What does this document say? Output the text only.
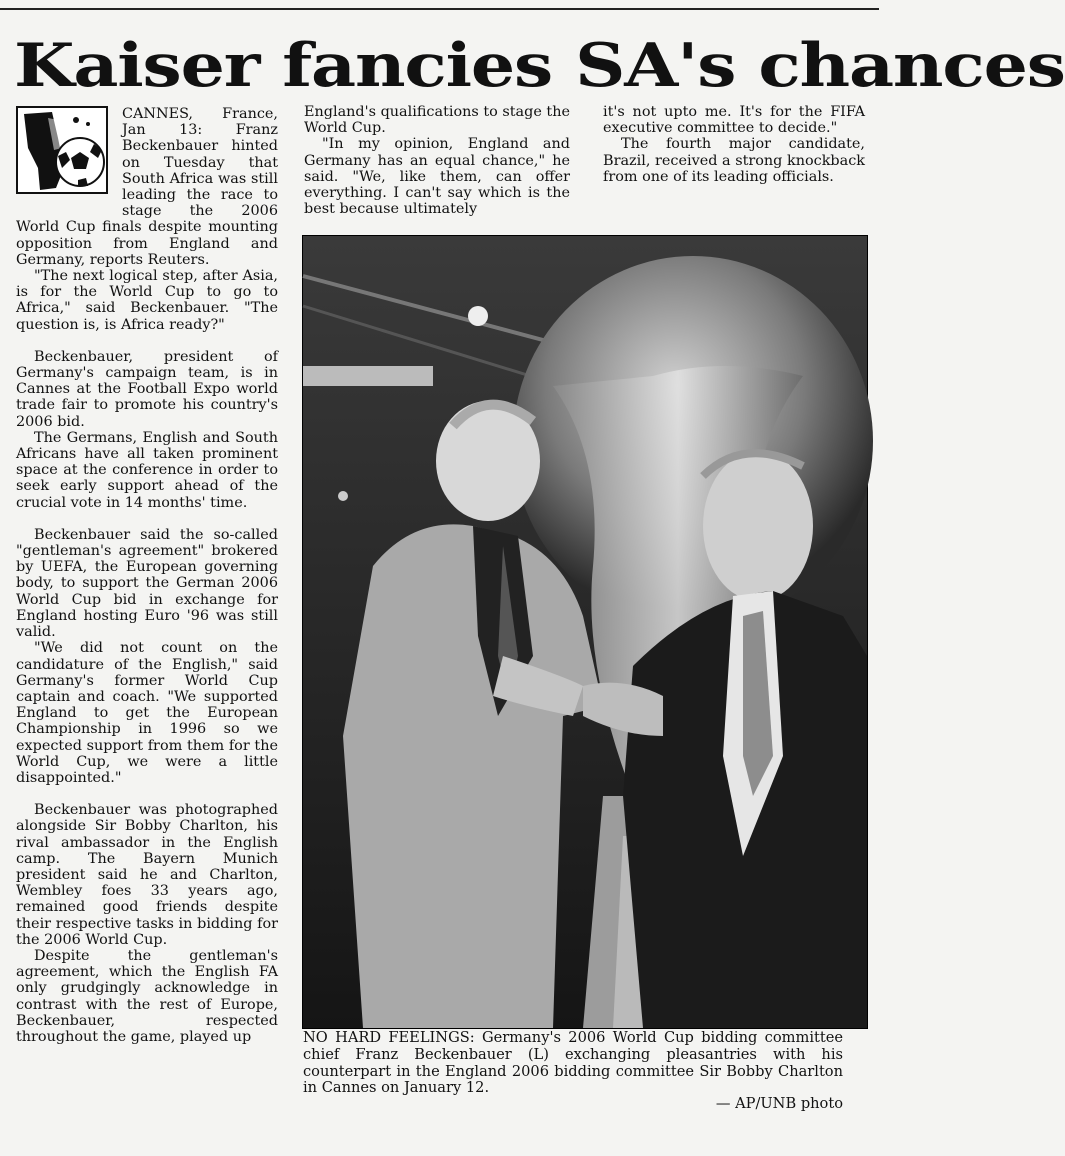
Kaiser fancies SA's chances

CANNES, France, Jan 13: Franz Beckenbauer hinted on Tuesday that South Africa was still leading the race to stage the 2006 World Cup finals despite mounting opposition from England and Germany, reports Reuters.

"The next logical step, after Asia, is for the World Cup to go to Africa," said Beckenbauer. "The question is, is Africa ready?"

Beckenbauer, president of Germany's campaign team, is in Cannes at the Football Expo world trade fair to promote his country's 2006 bid.

The Germans, English and South Africans have all taken prominent space at the conference in order to seek early support ahead of the crucial vote in 14 months' time.

Beckenbauer said the so-called "gentleman's agreement" brokered by UEFA, the European governing body, to support the German 2006 World Cup bid in exchange for England hosting Euro '96 was still valid.

"We did not count on the candidature of the English," said Germany's former World Cup captain and coach. "We supported England to get the European Championship in 1996 so we expected support from them for the World Cup, we were a little disappointed."

Beckenbauer was photographed alongside Sir Bobby Charlton, his rival ambassador in the English camp. The Bayern Munich president said he and Charlton, Wembley foes 33 years ago, remained good friends despite their respective tasks in bidding for the 2006 World Cup.

Despite the gentleman's agreement, which the English FA only grudgingly acknowledge in contrast with the rest of Europe, Beckenbauer, respected throughout the game, played up

England's qualifications to stage the World Cup.

"In my opinion, England and Germany has an equal chance," he said. "We, like them, can offer everything. I can't say which is the best because ultimately

it's not upto me. It's for the FIFA executive committee to decide."

The fourth major candidate, Brazil, received a strong knockback from one of its leading officials.

NO HARD FEELINGS: Germany's 2006 World Cup bidding committee chief Franz Beckenbauer (L) exchanging pleasantries with his counterpart in the England 2006 bidding committee Sir Bobby Charlton in Cannes on January 12.
— AP/UNB photo
